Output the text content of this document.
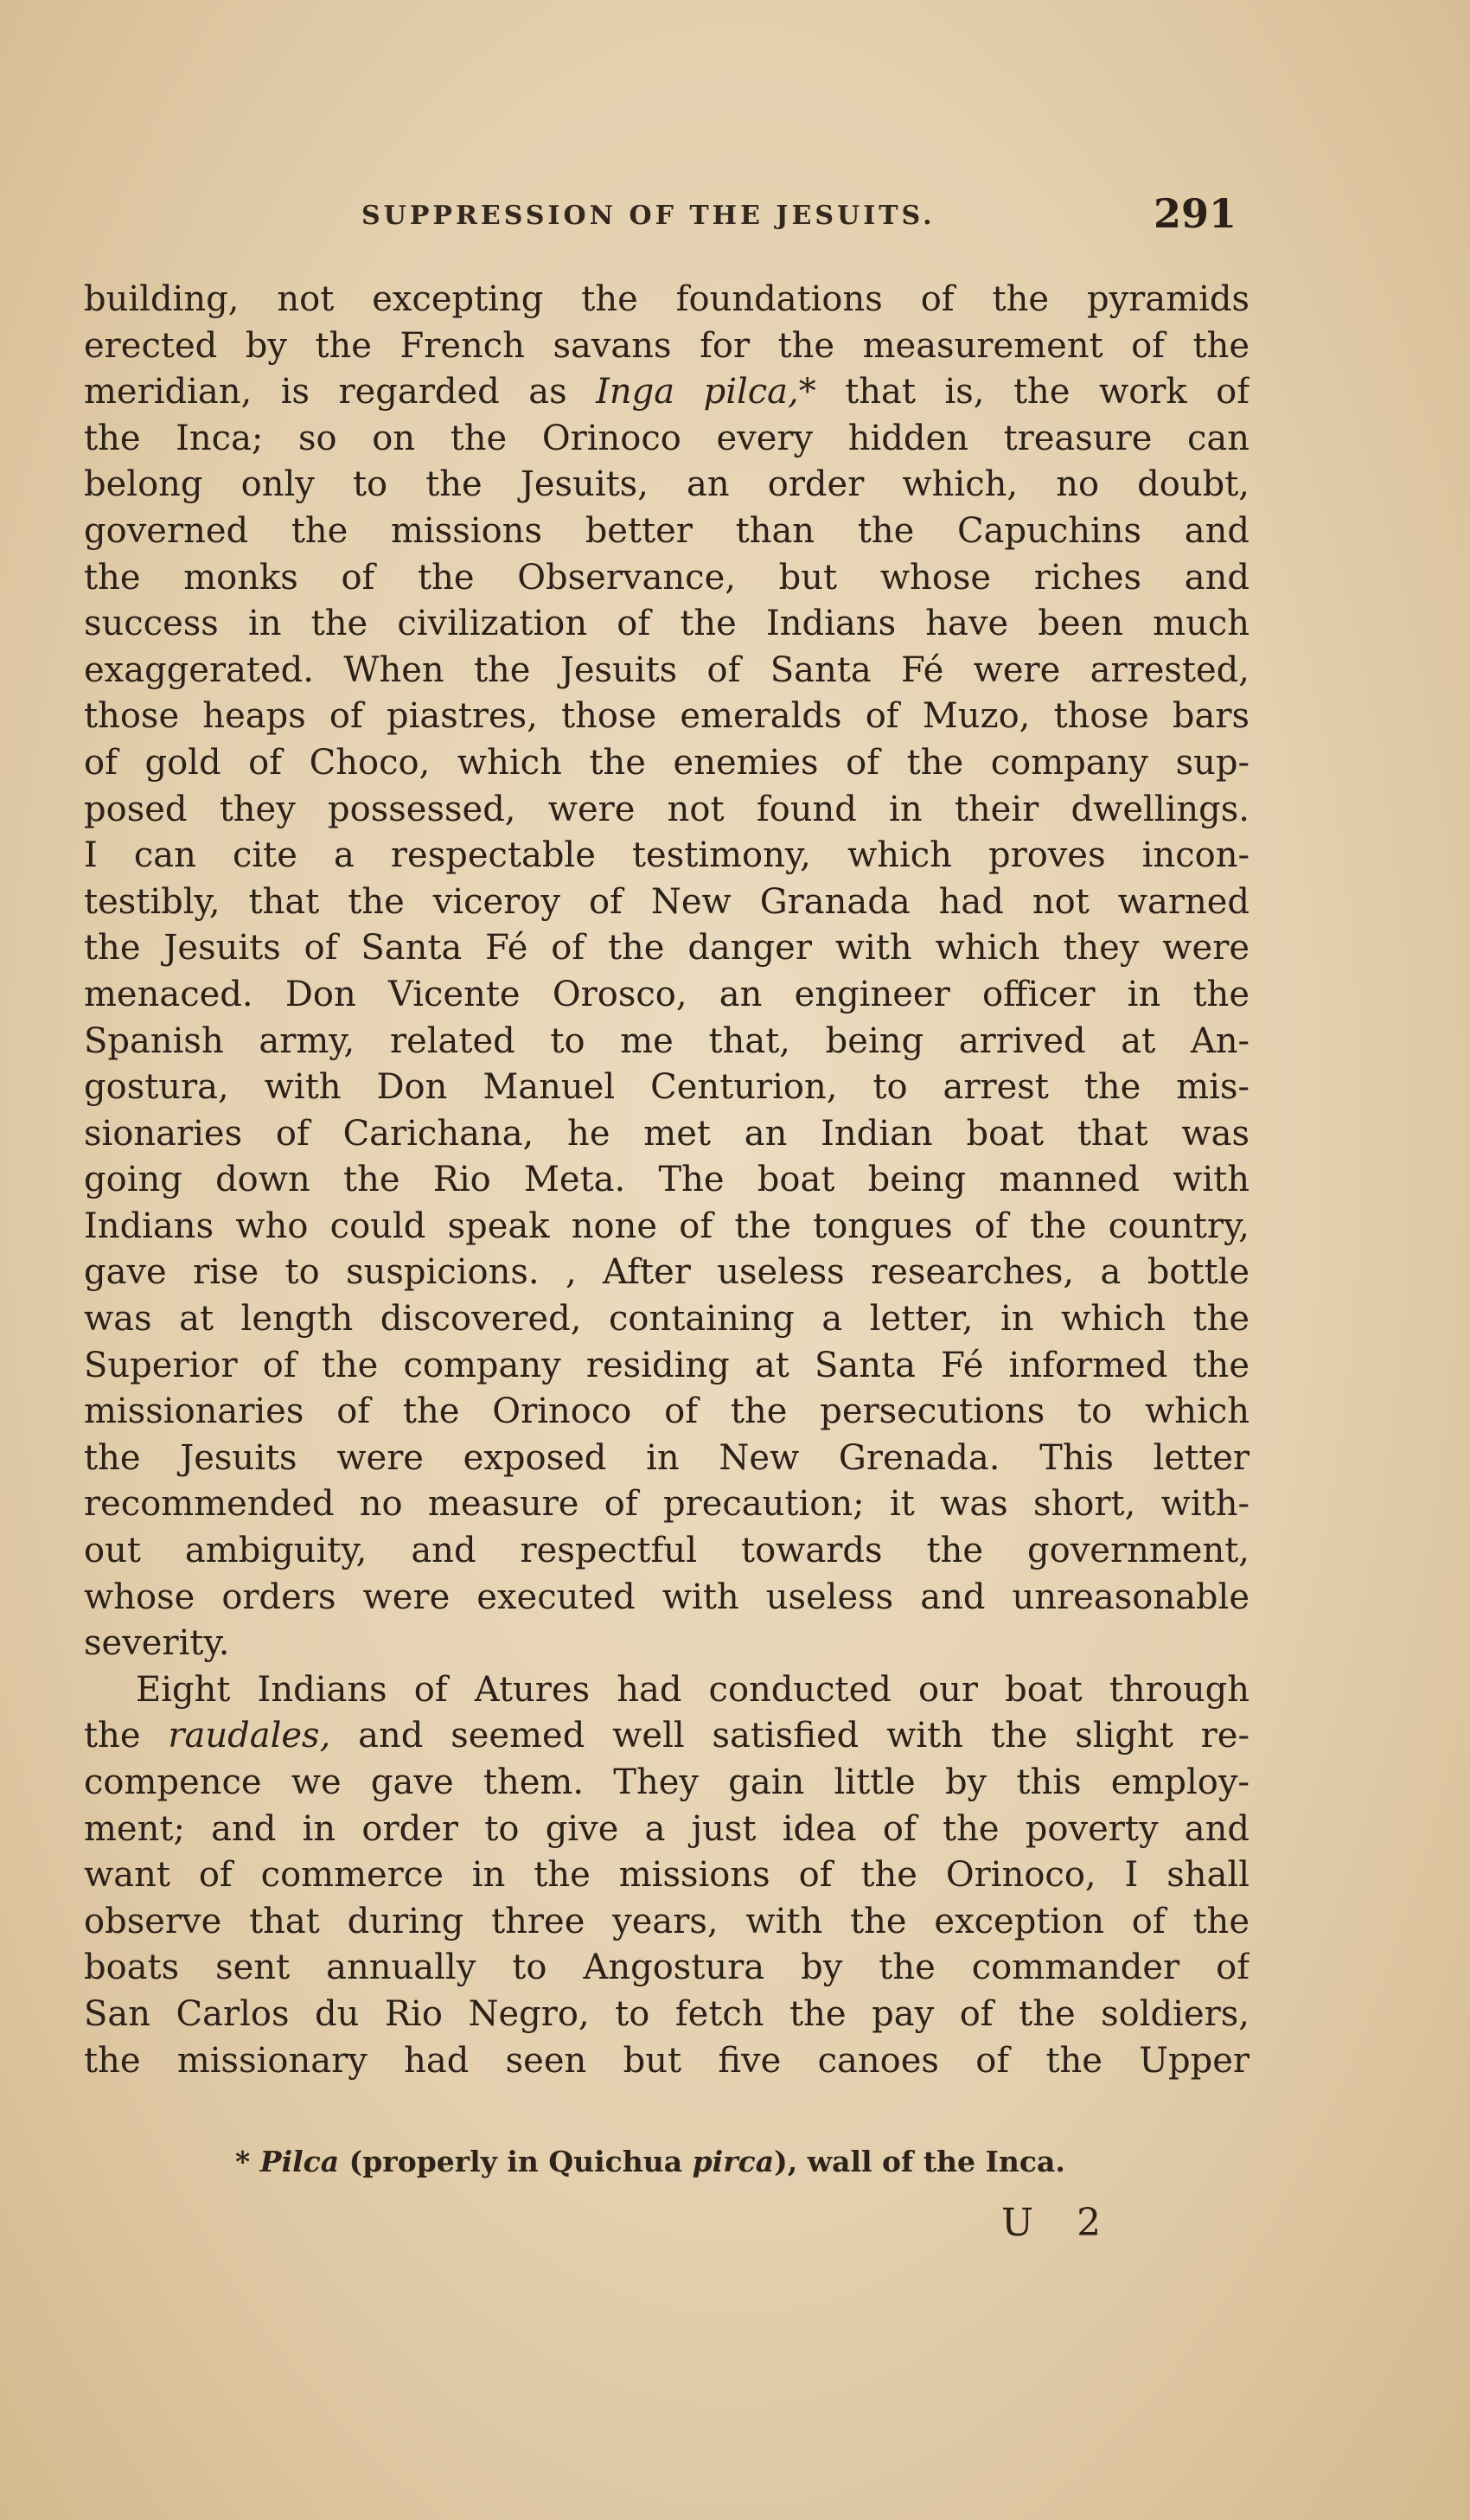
SUPPRESSION OF THE JESUITS.	291
building, not excepting the foundations of the pyramids
erected by the French savans for the measurement of the
meridian, is regarded as Inga pilca,* that is, the work of
the Inca; so on the Orinoco every hidden treasure can
belong only to the Jesuits, an order which, no doubt,
governed the missions better than the Capuchins and
the monks of the Observance, but whose riches and
success in the civilization of the Indians have been much
exaggerated. When the Jesuits of Santa Fé were arrested,
those heaps of piastres, those emeralds of Muzo, those bars
of gold of Choco, which the enemies of the company sup-
posed they possessed, were not found in their dwellings.
I can cite a respectable testimony, which proves incon-
testibly, that the viceroy of New Granada had not warned
the Jesuits of Santa Fé of the danger with which they were
menaced. Don Vicente Orosco, an engineer officer in the
Spanish army, related to me that, being arrived at An-
gostura, with Don Manuel Centurion, to arrest the mis-
sionaries of Carichana, he met an Indian boat that was
going down the Rio Meta. The boat being manned with
Indians who could speak none of the tongues of the country,
gave rise to suspicions. , After useless researches, a bottle
was at length discovered, containing a letter, in which the
Superior of the company residing at Santa Fé informed the
missionaries of the Orinoco of the persecutions to which
the Jesuits were exposed in New Grenada. This letter
recommended no measure of precaution; it was short, with-
out ambiguity, and respectful towards the government,
whose orders were executed with useless and unreasonable
severity.
Eight Indians of Atures had conducted our boat through
the raudales, and seemed well satisfied with the slight re-
compence we gave them. They gain little by this employ-
ment; and in order to give a just idea of the poverty and
want of commerce in the missions of the Orinoco, I shall
observe that during three years, with the exception of the
boats sent annually to Angostura by the commander of
San Carlos du Rio Negro, to fetch the pay of the soldiers,
the missionary had seen but five canoes of the Upper
* Pilca (properly in Quichua pirca), wall of the Inca.
U 2
